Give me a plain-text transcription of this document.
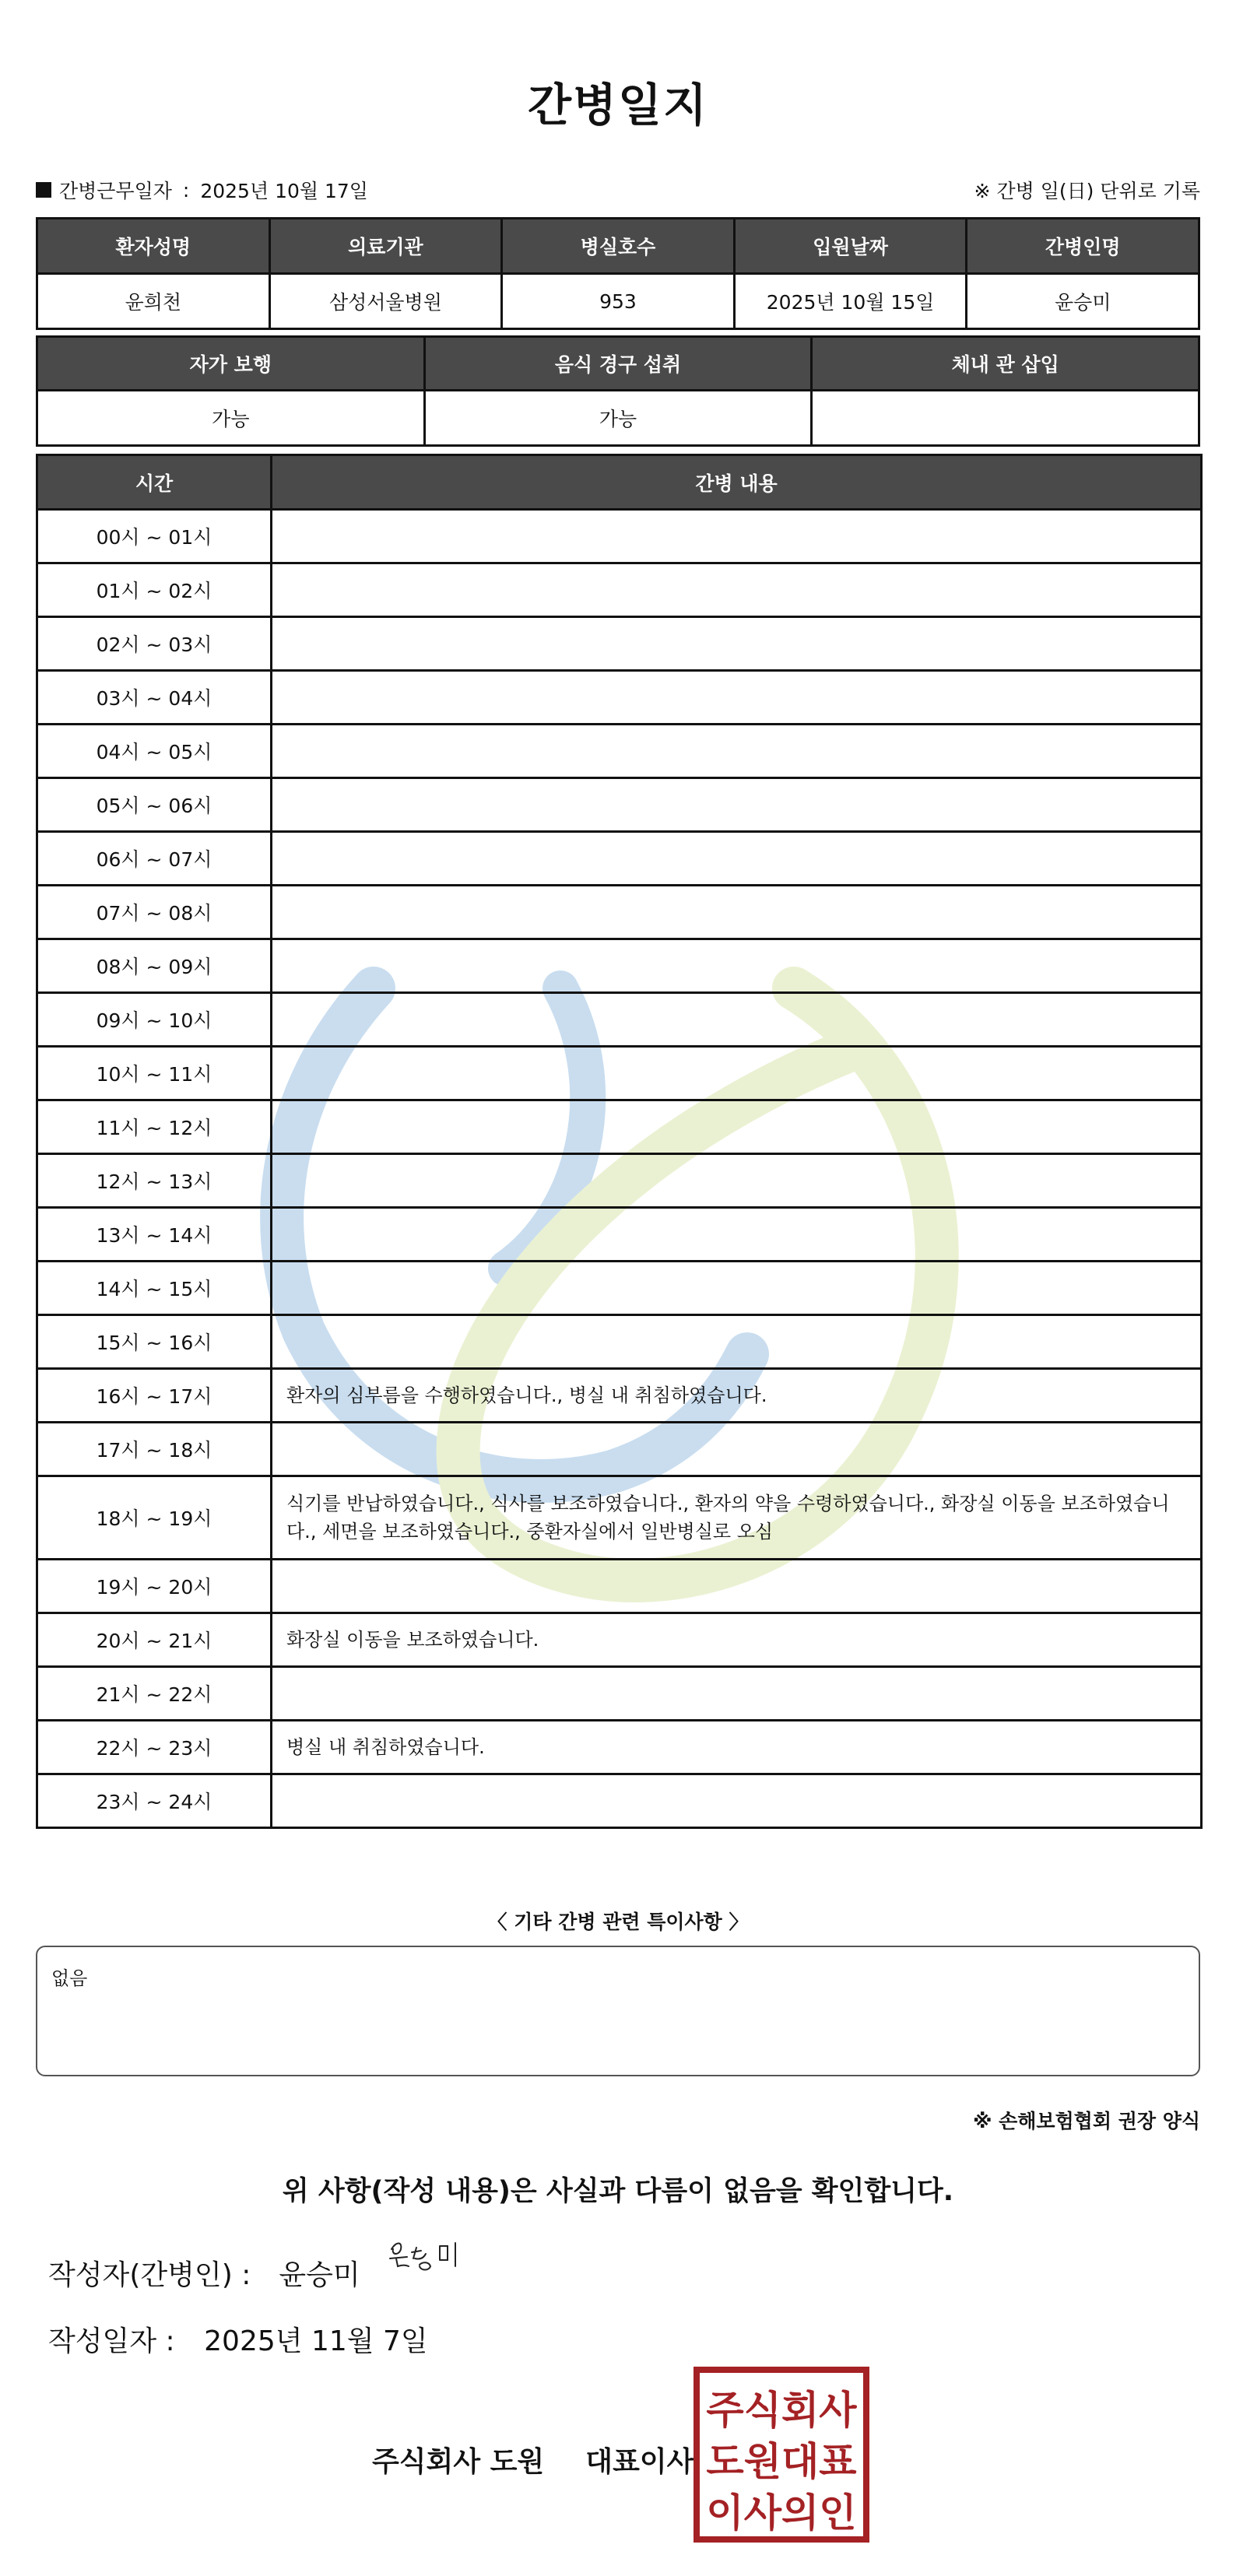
간병일지
간병근무일자 : 2025년 10월 17일	※ 간병 일(日) 단위로 기록
환자성명	의료기관	병실호수	입원날짜	간병인명
윤희천	삼성서울병원	953	2025년 10월 15일	윤승미
자가 보행	음식 경구 섭취	체내 관 삽입
가능	가능	
시간	간병 내용
00시 ~ 01시	
01시 ~ 02시	
02시 ~ 03시	
03시 ~ 04시	
04시 ~ 05시	
05시 ~ 06시	
06시 ~ 07시	
07시 ~ 08시	
08시 ~ 09시	
09시 ~ 10시	
10시 ~ 11시	
11시 ~ 12시	
12시 ~ 13시	
13시 ~ 14시	
14시 ~ 15시	
15시 ~ 16시	
16시 ~ 17시	환자의 심부름을 수행하였습니다., 병실 내 취침하였습니다.
17시 ~ 18시	
18시 ~ 19시	식기를 반납하였습니다., 식사를 보조하였습니다., 환자의 약을 수령하였습니다., 화장실 이동을 보조하였습니다., 세면을 보조하였습니다., 중환자실에서 일반병실로 오심
19시 ~ 20시	
20시 ~ 21시	화장실 이동을 보조하였습니다.
21시 ~ 22시	
22시 ~ 23시	병실 내 취침하였습니다.
23시 ~ 24시	
〈 기타 간병 관련 특이사항 〉
없음
※ 손해보험협회 권장 양식
위 사항(작성 내용)은 사실과 다름이 없음을 확인합니다.
작성자(간병인) : 윤승미
작성일자 : 2025년 11월 7일
주식회사 도원 대표이사
주식회사
도원대표
이사의인
